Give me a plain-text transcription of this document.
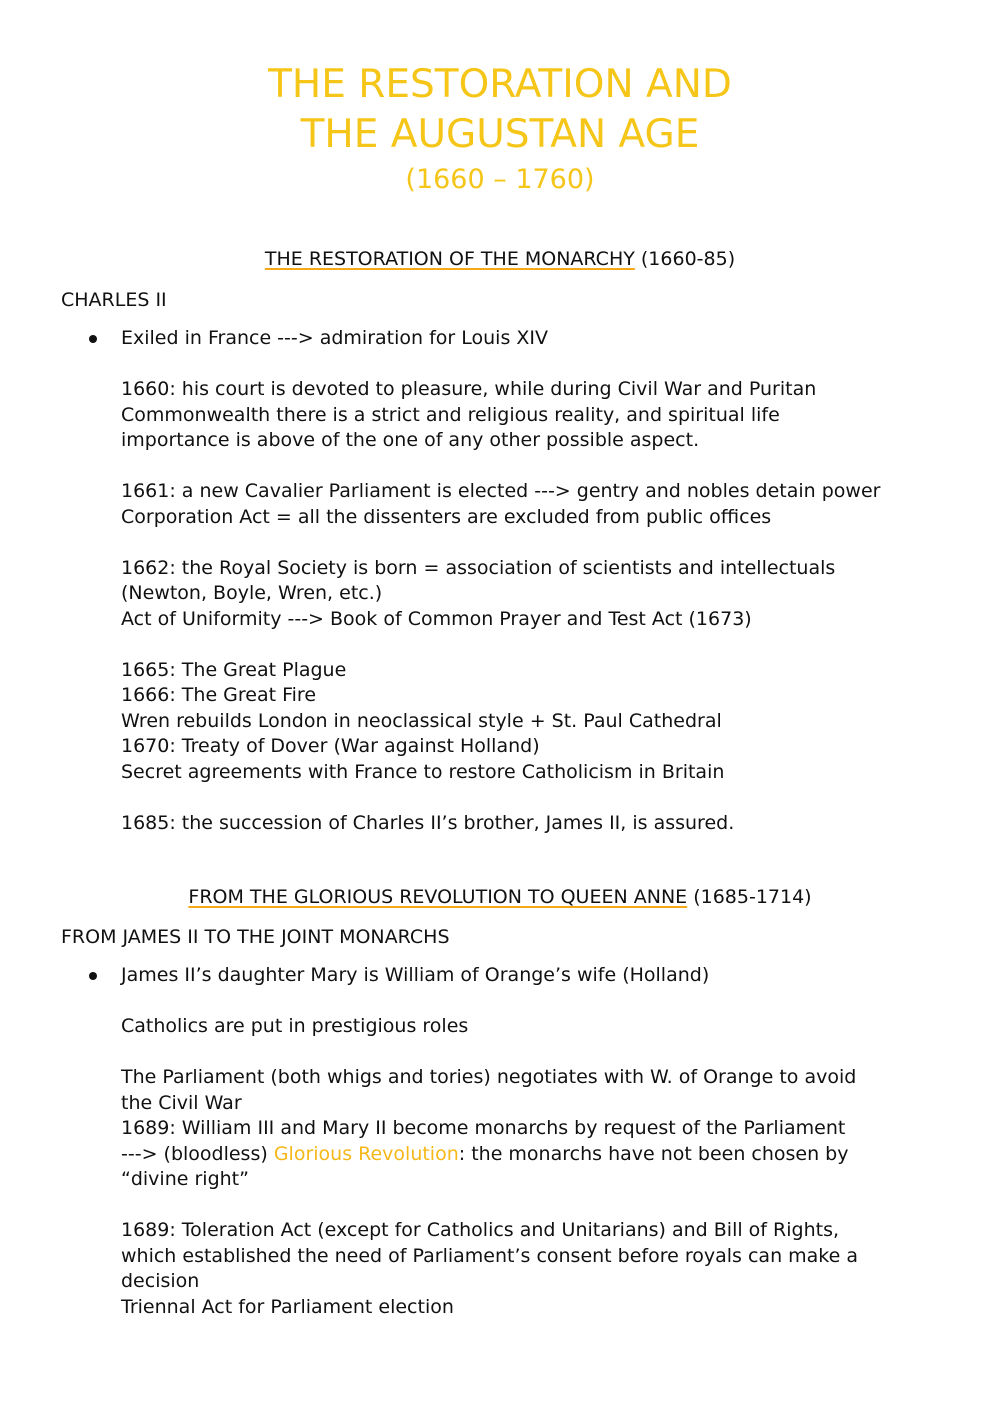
THE RESTORATION AND
THE AUGUSTAN AGE
(1660 – 1760)
THE RESTORATION OF THE MONARCHY (1660-85)
CHARLES II

Exiled in France ---> admiration for Louis XIV

1660: his court is devoted to pleasure, while during Civil War and Puritan

Commonwealth there is a strict and religious reality, and spiritual life

importance is above of the one of any other possible aspect.

1661: a new Cavalier Parliament is elected ---> gentry and nobles detain power

Corporation Act = all the dissenters are excluded from public offices

1662: the Royal Society is born = association of scientists and intellectuals

(Newton, Boyle, Wren, etc.)

Act of Uniformity ---> Book of Common Prayer and Test Act (1673)

1665: The Great Plague

1666: The Great Fire

Wren rebuilds London in neoclassical style + St. Paul Cathedral

1670: Treaty of Dover (War against Holland)

Secret agreements with France to restore Catholicism in Britain

1685: the succession of Charles II’s brother, James II, is assured.

FROM THE GLORIOUS REVOLUTION TO QUEEN ANNE (1685-1714)
FROM JAMES II TO THE JOINT MONARCHS

James II’s daughter Mary is William of Orange’s wife (Holland)

Catholics are put in prestigious roles

The Parliament (both whigs and tories) negotiates with W. of Orange to avoid

the Civil War

1689: William III and Mary II become monarchs by request of the Parliament

---> (bloodless) Glorious Revolution: the monarchs have not been chosen by

“divine right”

1689: Toleration Act (except for Catholics and Unitarians) and Bill of Rights,

which established the need of Parliament’s consent before royals can make a

decision

Triennal Act for Parliament election
